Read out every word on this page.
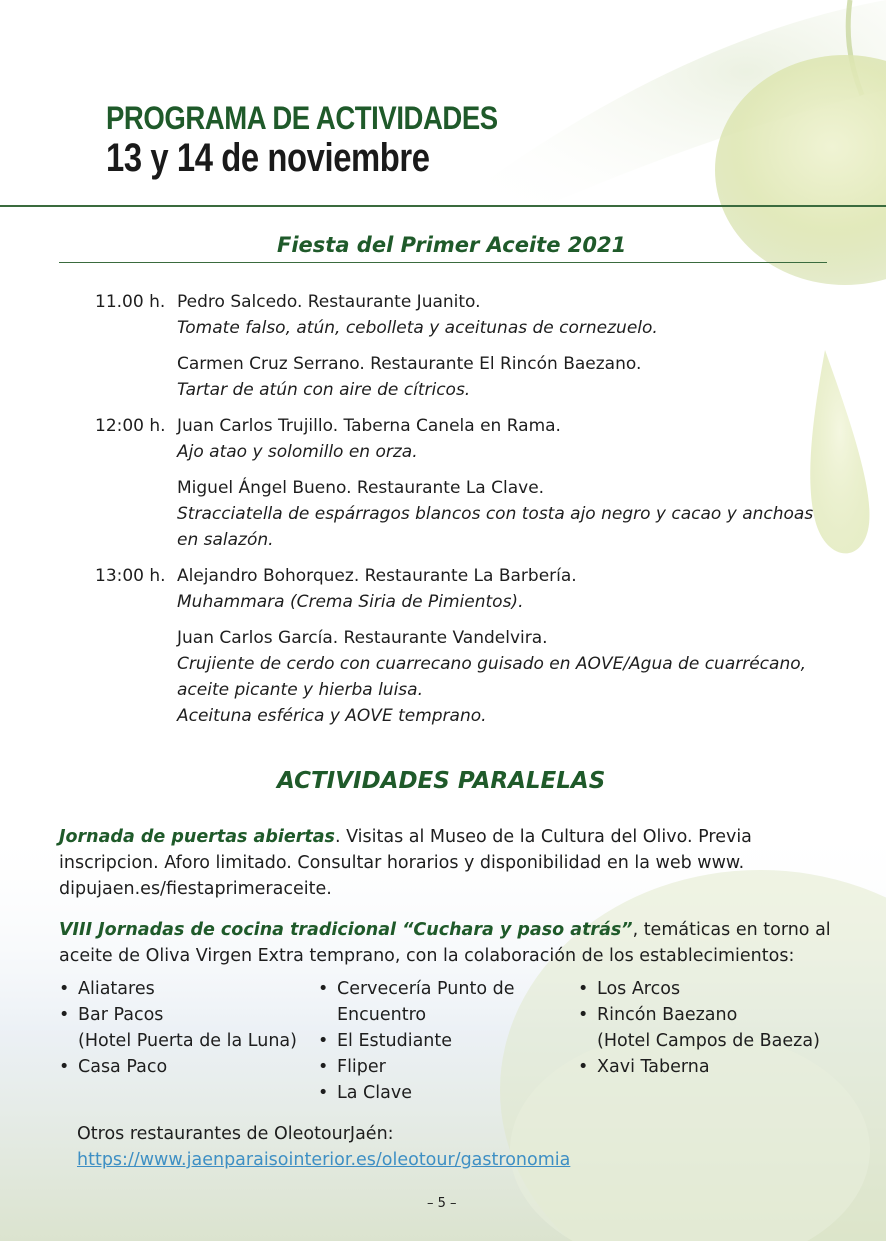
PROGRAMA DE ACTIVIDADES
13 y 14 de noviembre
Fiesta del Primer Aceite 2021
11.00 h. Pedro Salcedo. Restaurante Juanito.
Tomate falso, atún, cebolleta y aceitunas de cornezuelo.
Carmen Cruz Serrano. Restaurante El Rincón Baezano.
Tartar de atún con aire de cítricos.
12:00 h. Juan Carlos Trujillo. Taberna Canela en Rama.
Ajo atao y solomillo en orza.
Miguel Ángel Bueno. Restaurante La Clave.
Stracciatella de espárragos blancos con tosta ajo negro y cacao y anchoas
en salazón.
13:00 h. Alejandro Bohorquez. Restaurante La Barbería.
Muhammara (Crema Siria de Pimientos).
Juan Carlos García. Restaurante Vandelvira.
Crujiente de cerdo con cuarrecano guisado en AOVE/Agua de cuarrécano,
aceite picante y hierba luisa.
Aceituna esférica y AOVE temprano.
ACTIVIDADES PARALELAS
Jornada de puertas abiertas. Visitas al Museo de la Cultura del Olivo. Previa inscripcion. Aforo limitado. Consultar horarios y disponibilidad en la web www. dipujaen.es/fiestaprimeraceite.
VIII Jornadas de cocina tradicional “Cuchara y paso atrás”, temáticas en torno al aceite de Oliva Virgen Extra temprano, con la colaboración de los establecimientos:
• Aliatares
• Bar Pacos
(Hotel Puerta de la Luna)
• Casa Paco
• Cervecería Punto de
Encuentro
• El Estudiante
• Fliper
• La Clave
• Los Arcos
• Rincón Baezano
(Hotel Campos de Baeza)
• Xavi Taberna
Otros restaurantes de OleotourJaén:
https://www.jaenparaisointerior.es/oleotour/gastronomia
– 5 –
